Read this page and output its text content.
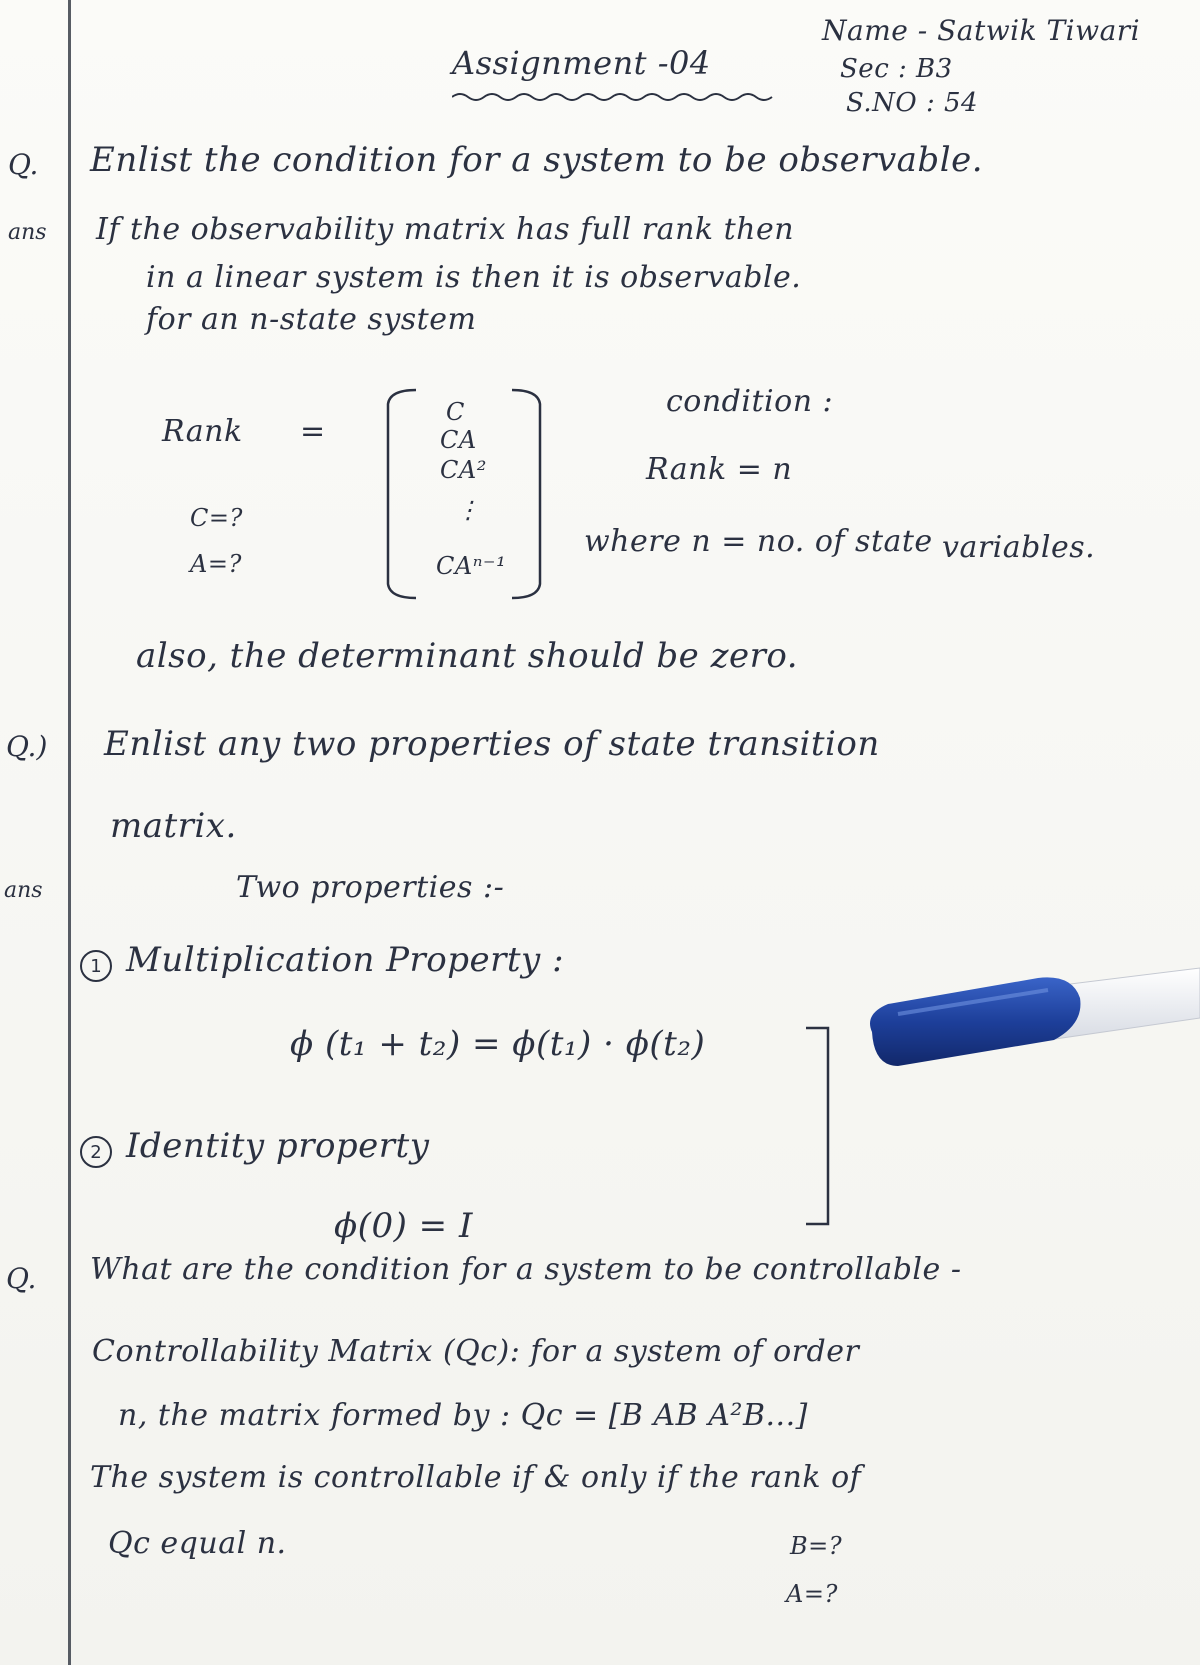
Assignment -04
Name - Satwik Tiwari
Sec : B3
S.NO : 54
Q. Enlist the condition for a system to be observable.
ans If the observability matrix has full rank then
in a linear system is then it is observable.
for an n-state system
Rank =
C
CA
CA²
⋮
CAⁿ⁻¹
C=?
A=?
condition :
Rank = n
where n = no. of state variables.
also, the determinant should be zero.
Q.) Enlist any two properties of state transition
matrix.
ans	Two properties :-
1 Multiplication Property :
ϕ (t₁ + t₂) = ϕ(t₁) · ϕ(t₂)
2 Identity property
ϕ(0) = I
Q. What are the condition for a system to be controllable -
Controllability Matrix (Qc): for a system of order
n, the matrix formed by : Qc = [B AB A²B...]
The system is controllable if & only if the rank of
Qc equal n.	B=?
A=?
